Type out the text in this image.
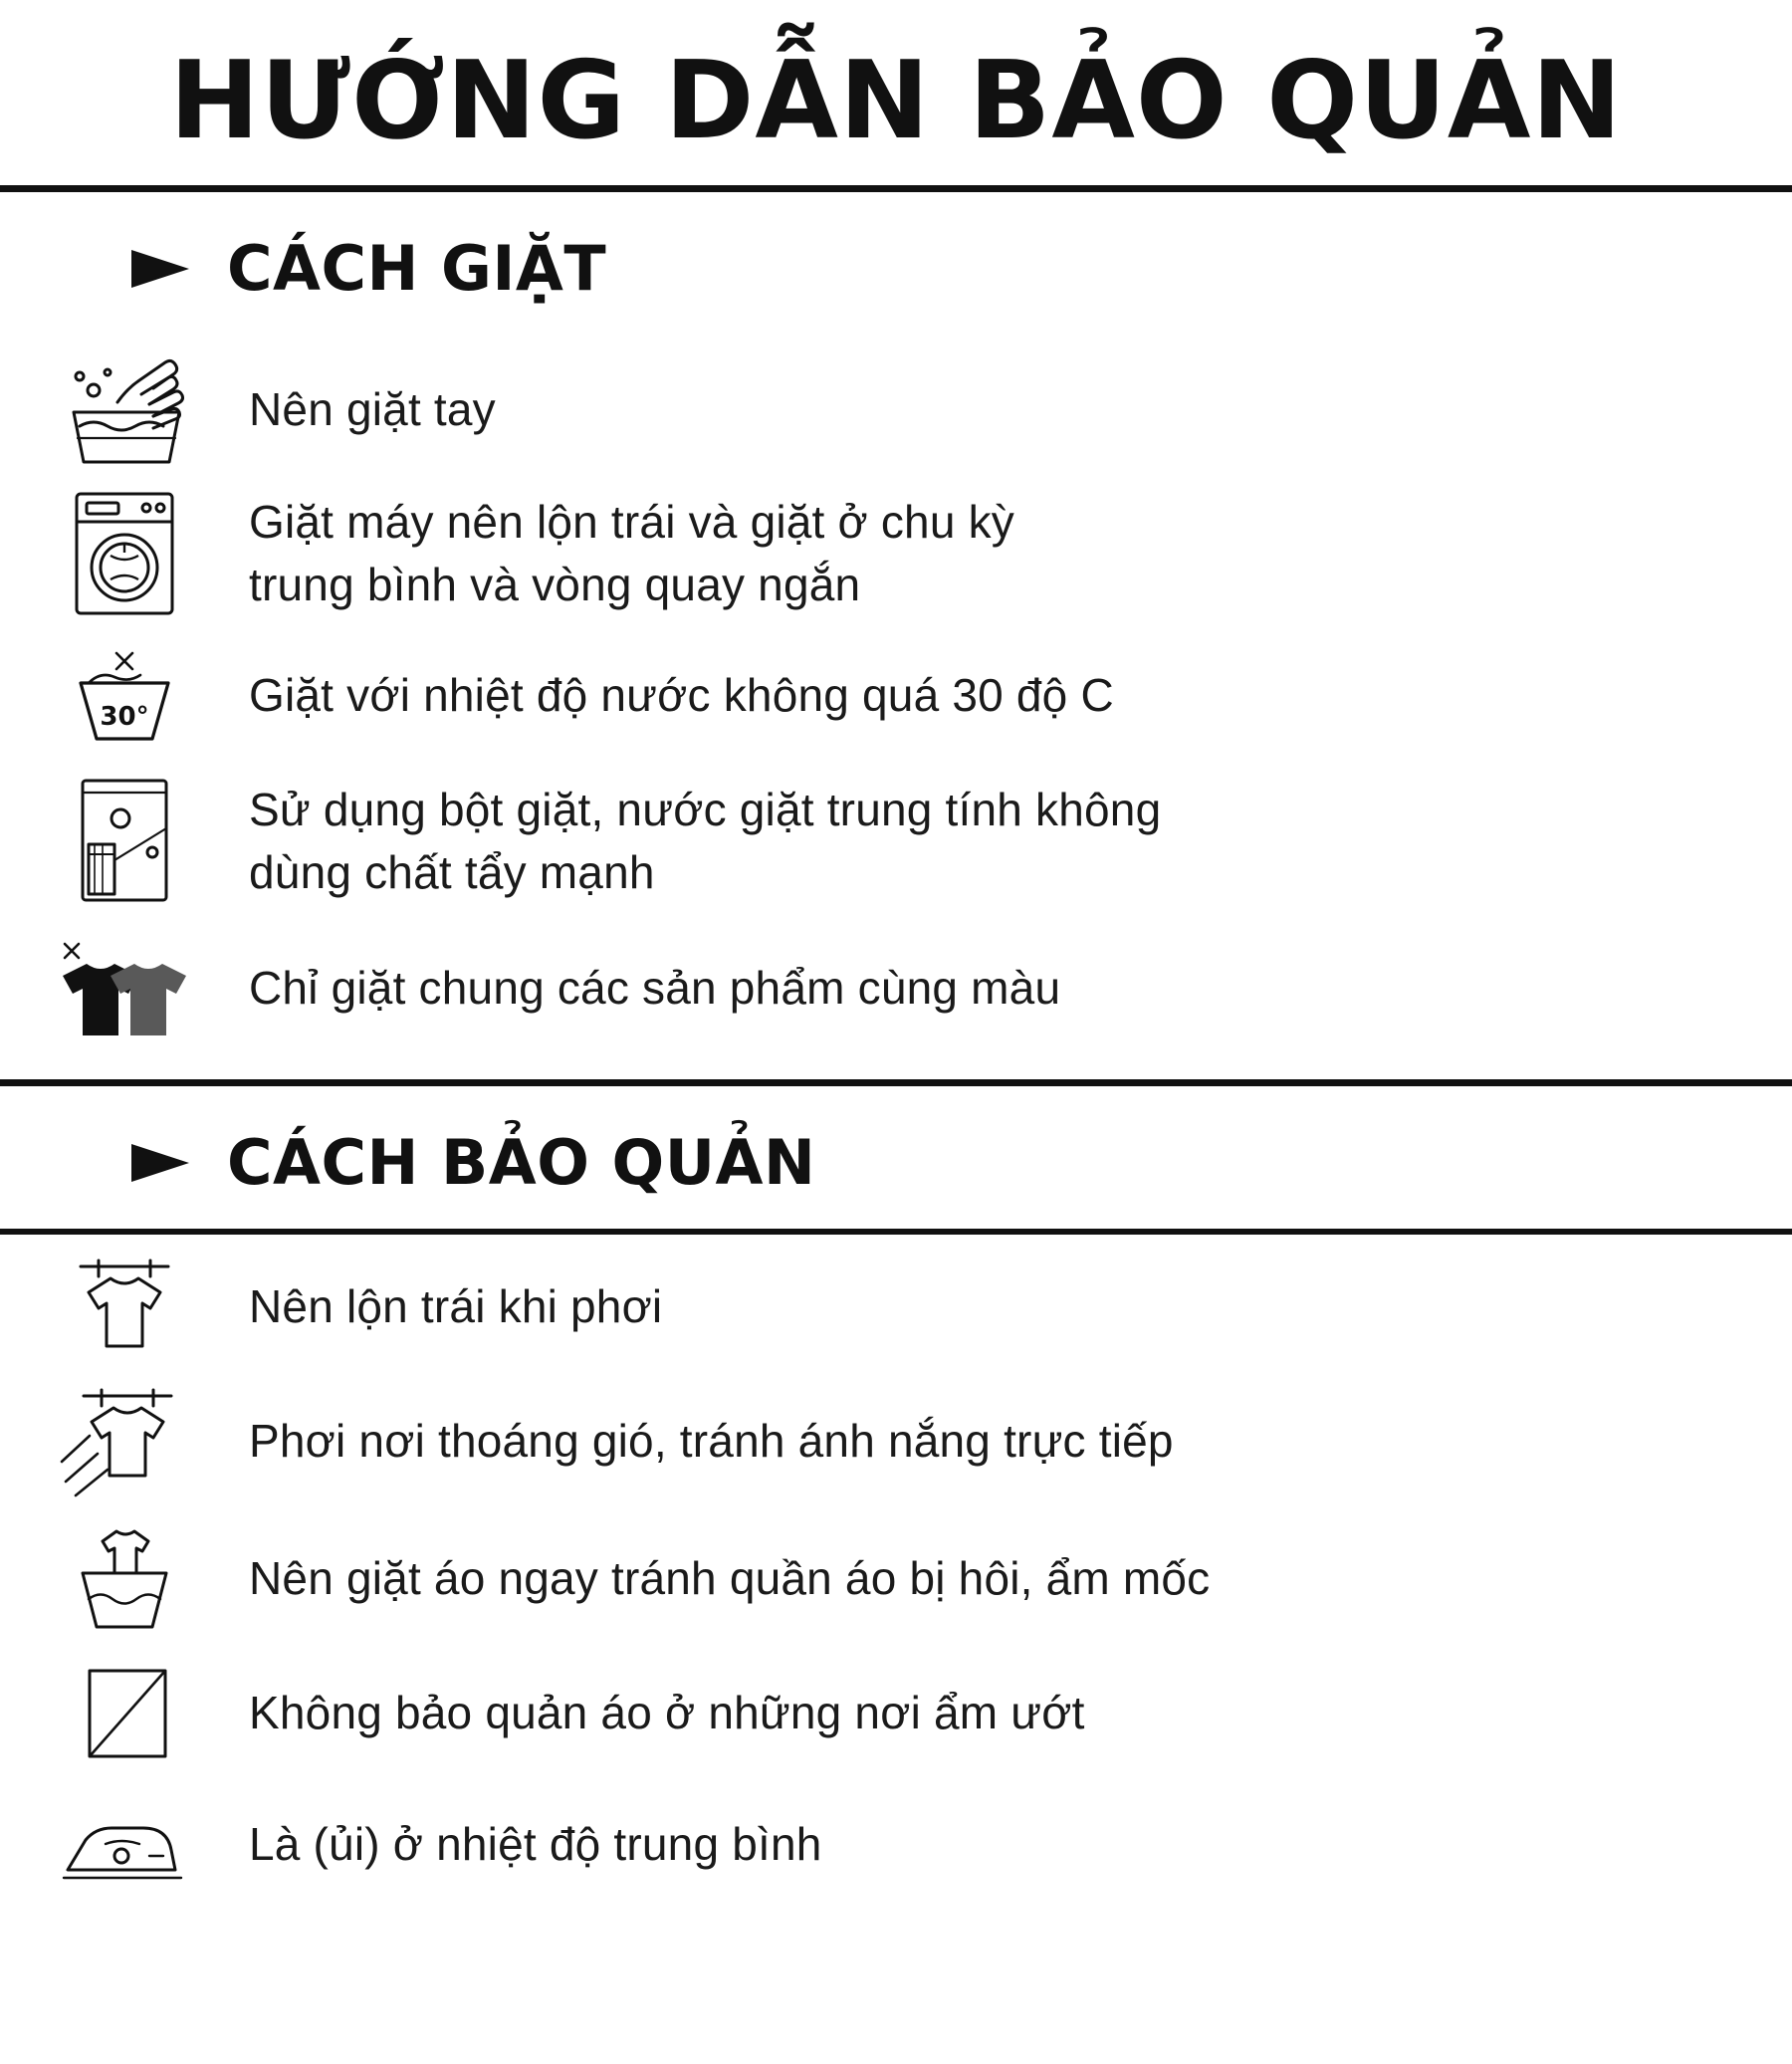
HƯỚNG DẪN BẢO QUẢN
CÁCH GIẶT
Nên giặt tay
Giặt máy nên lộn trái và giặt ở chu kỳ
trung bình và vòng quay ngắn
30° Giặt với nhiệt độ nước không quá 30 độ C
Sử dụng bột giặt, nước giặt trung tính không
dùng chất tẩy mạnh
Chỉ giặt chung các sản phẩm cùng màu
CÁCH BẢO QUẢN
Nên lộn trái khi phơi
Phơi nơi thoáng gió, tránh ánh nắng trực tiếp
Nên giặt áo ngay tránh quần áo bị hôi, ẩm mốc
Không bảo quản áo ở những nơi ẩm ướt
Là (ủi) ở nhiệt độ trung bình
